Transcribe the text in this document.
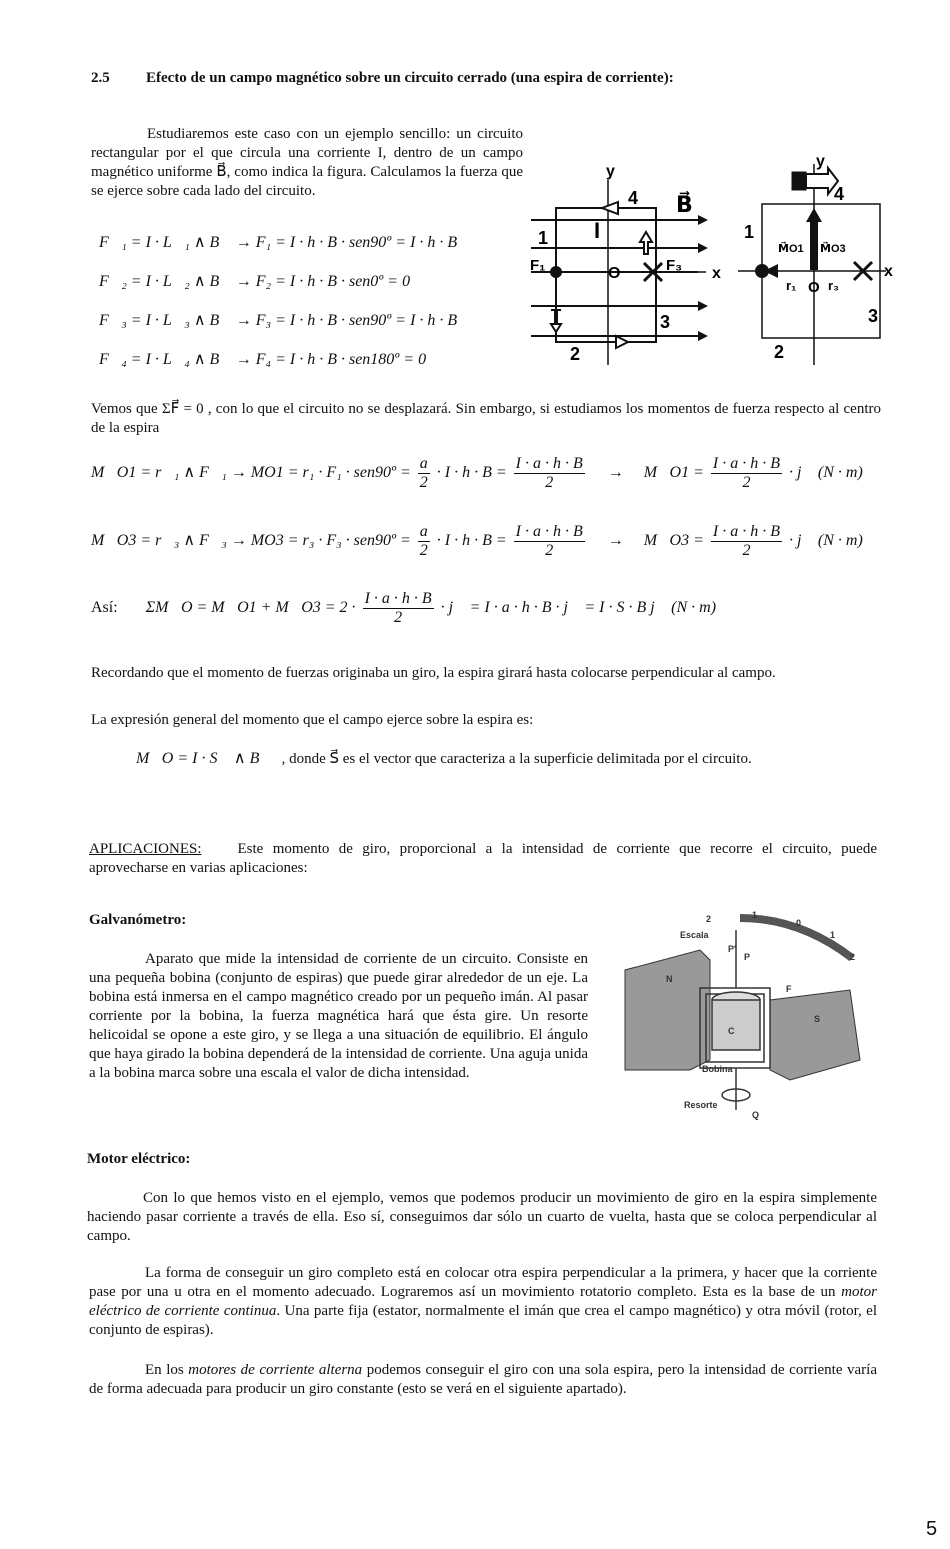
2.5 Efecto de un campo magnético sobre un circuito cerrado (una espira de corriente):
Estudiaremos este caso con un ejemplo sencillo: un circuito rectangular por el que circula una corriente I, dentro de un campo magnético uniforme B⃗, como indica la figura. Calculamos la fuerza que se ejerce sobre cada lado del circuito.
F⃗₁ = I · L⃗₁ ∧ B⃗ → F₁ = I · h · B · sen90º = I · h · B
F⃗₂ = I · L⃗₂ ∧ B⃗ → F₂ = I · h · B · sen0º = 0
F⃗₃ = I · L⃗₃ ∧ B⃗ → F₃ = I · h · B · sen90º = I · h · B
F⃗₄ = I · L⃗₄ ∧ B⃗ → F₄ = I · h · B · sen180º = 0
y
4 B⃗
I
1
F₁	O	F₃ x
3
2
y
4
1
M⃗O1 M⃗O3
r₁ O r₃
x
3
2
Vemos que ΣF⃗ = 0 , con lo que el circuito no se desplazará. Sin embargo, si estudiamos los momentos de fuerza respecto al centro de la espira
M⃗O1 = r⃗₁ ∧ F⃗₁ → MO1 = r₁ · F₁ · sen90º = $\frac{a}{2} \cdot I \cdot h \cdot B = \frac{I \cdot a \cdot h \cdot B}{2}$ → M⃗O1 = $\frac{I \cdot a \cdot h \cdot B}{2}$ · j⃗ (N · m)
M⃗O3 = r⃗₃ ∧ F⃗₃ → MO3 = r₃ · F₃ · sen90º = $\frac{a}{2} \cdot I \cdot h \cdot B = \frac{I \cdot a \cdot h \cdot B}{2}$ → M⃗O3 = $\frac{I \cdot a \cdot h \cdot B}{2}$ · j⃗ (N · m)
Así: ΣM⃗O = M⃗O1 + M⃗O3 = $2 \cdot \frac{I \cdot a \cdot h \cdot B}{2}$ · j⃗ = I · a · h · B · j⃗ = I · S · B j⃗ (N · m)
Recordando que el momento de fuerzas originaba un giro, la espira girará hasta colocarse perpendicular al campo.
La expresión general del momento que el campo ejerce sobre la espira es:
M⃗O = I · S⃗ ∧ B⃗ , donde S⃗ es el vector que caracteriza a la superficie delimitada por el circuito.
APLICACIONES: Este momento de giro, proporcional a la intensidad de corriente que recorre el circuito, puede aprovecharse en varias aplicaciones:
Galvanómetro:
Aparato que mide la intensidad de corriente de un circuito. Consiste en una pequeña bobina (conjunto de espiras) que puede girar alrededor de un eje. La bobina está inmersa en el campo magnético creado por un pequeño imán. Al pasar corriente por la bobina, la fuerza magnética hará que ésta gire. Un resorte helicoidal se opone a este giro, y se llega a una situación de equilibrio. El ángulo que haya girado la bobina dependerá de la intensidad de corriente. Una aguja unida a la bobina marca sobre una escala el valor de dicha intensidad.
Escala
Bobina
Resorte
N
S
2	1
0
1
2
P
P'
Q
F
C
Motor eléctrico:
Con lo que hemos visto en el ejemplo, vemos que podemos producir un movimiento de giro en la espira simplemente haciendo pasar corriente a través de ella. Eso sí, conseguimos dar sólo un cuarto de vuelta, hasta que se coloca perpendicular al campo.
La forma de conseguir un giro completo está en colocar otra espira perpendicular a la primera, y hacer que la corriente pase por una u otra en el momento adecuado. Lograremos así un movimiento rotatorio completo. Esta es la base de un motor eléctrico de corriente continua. Una parte fija (estator, normalmente el imán que crea el campo magnético) y otra móvil (rotor, el conjunto de espiras).
En los motores de corriente alterna podemos conseguir el giro con una sola espira, pero la intensidad de corriente varía de forma adecuada para producir un giro constante (esto se verá en el siguiente apartado).
5
